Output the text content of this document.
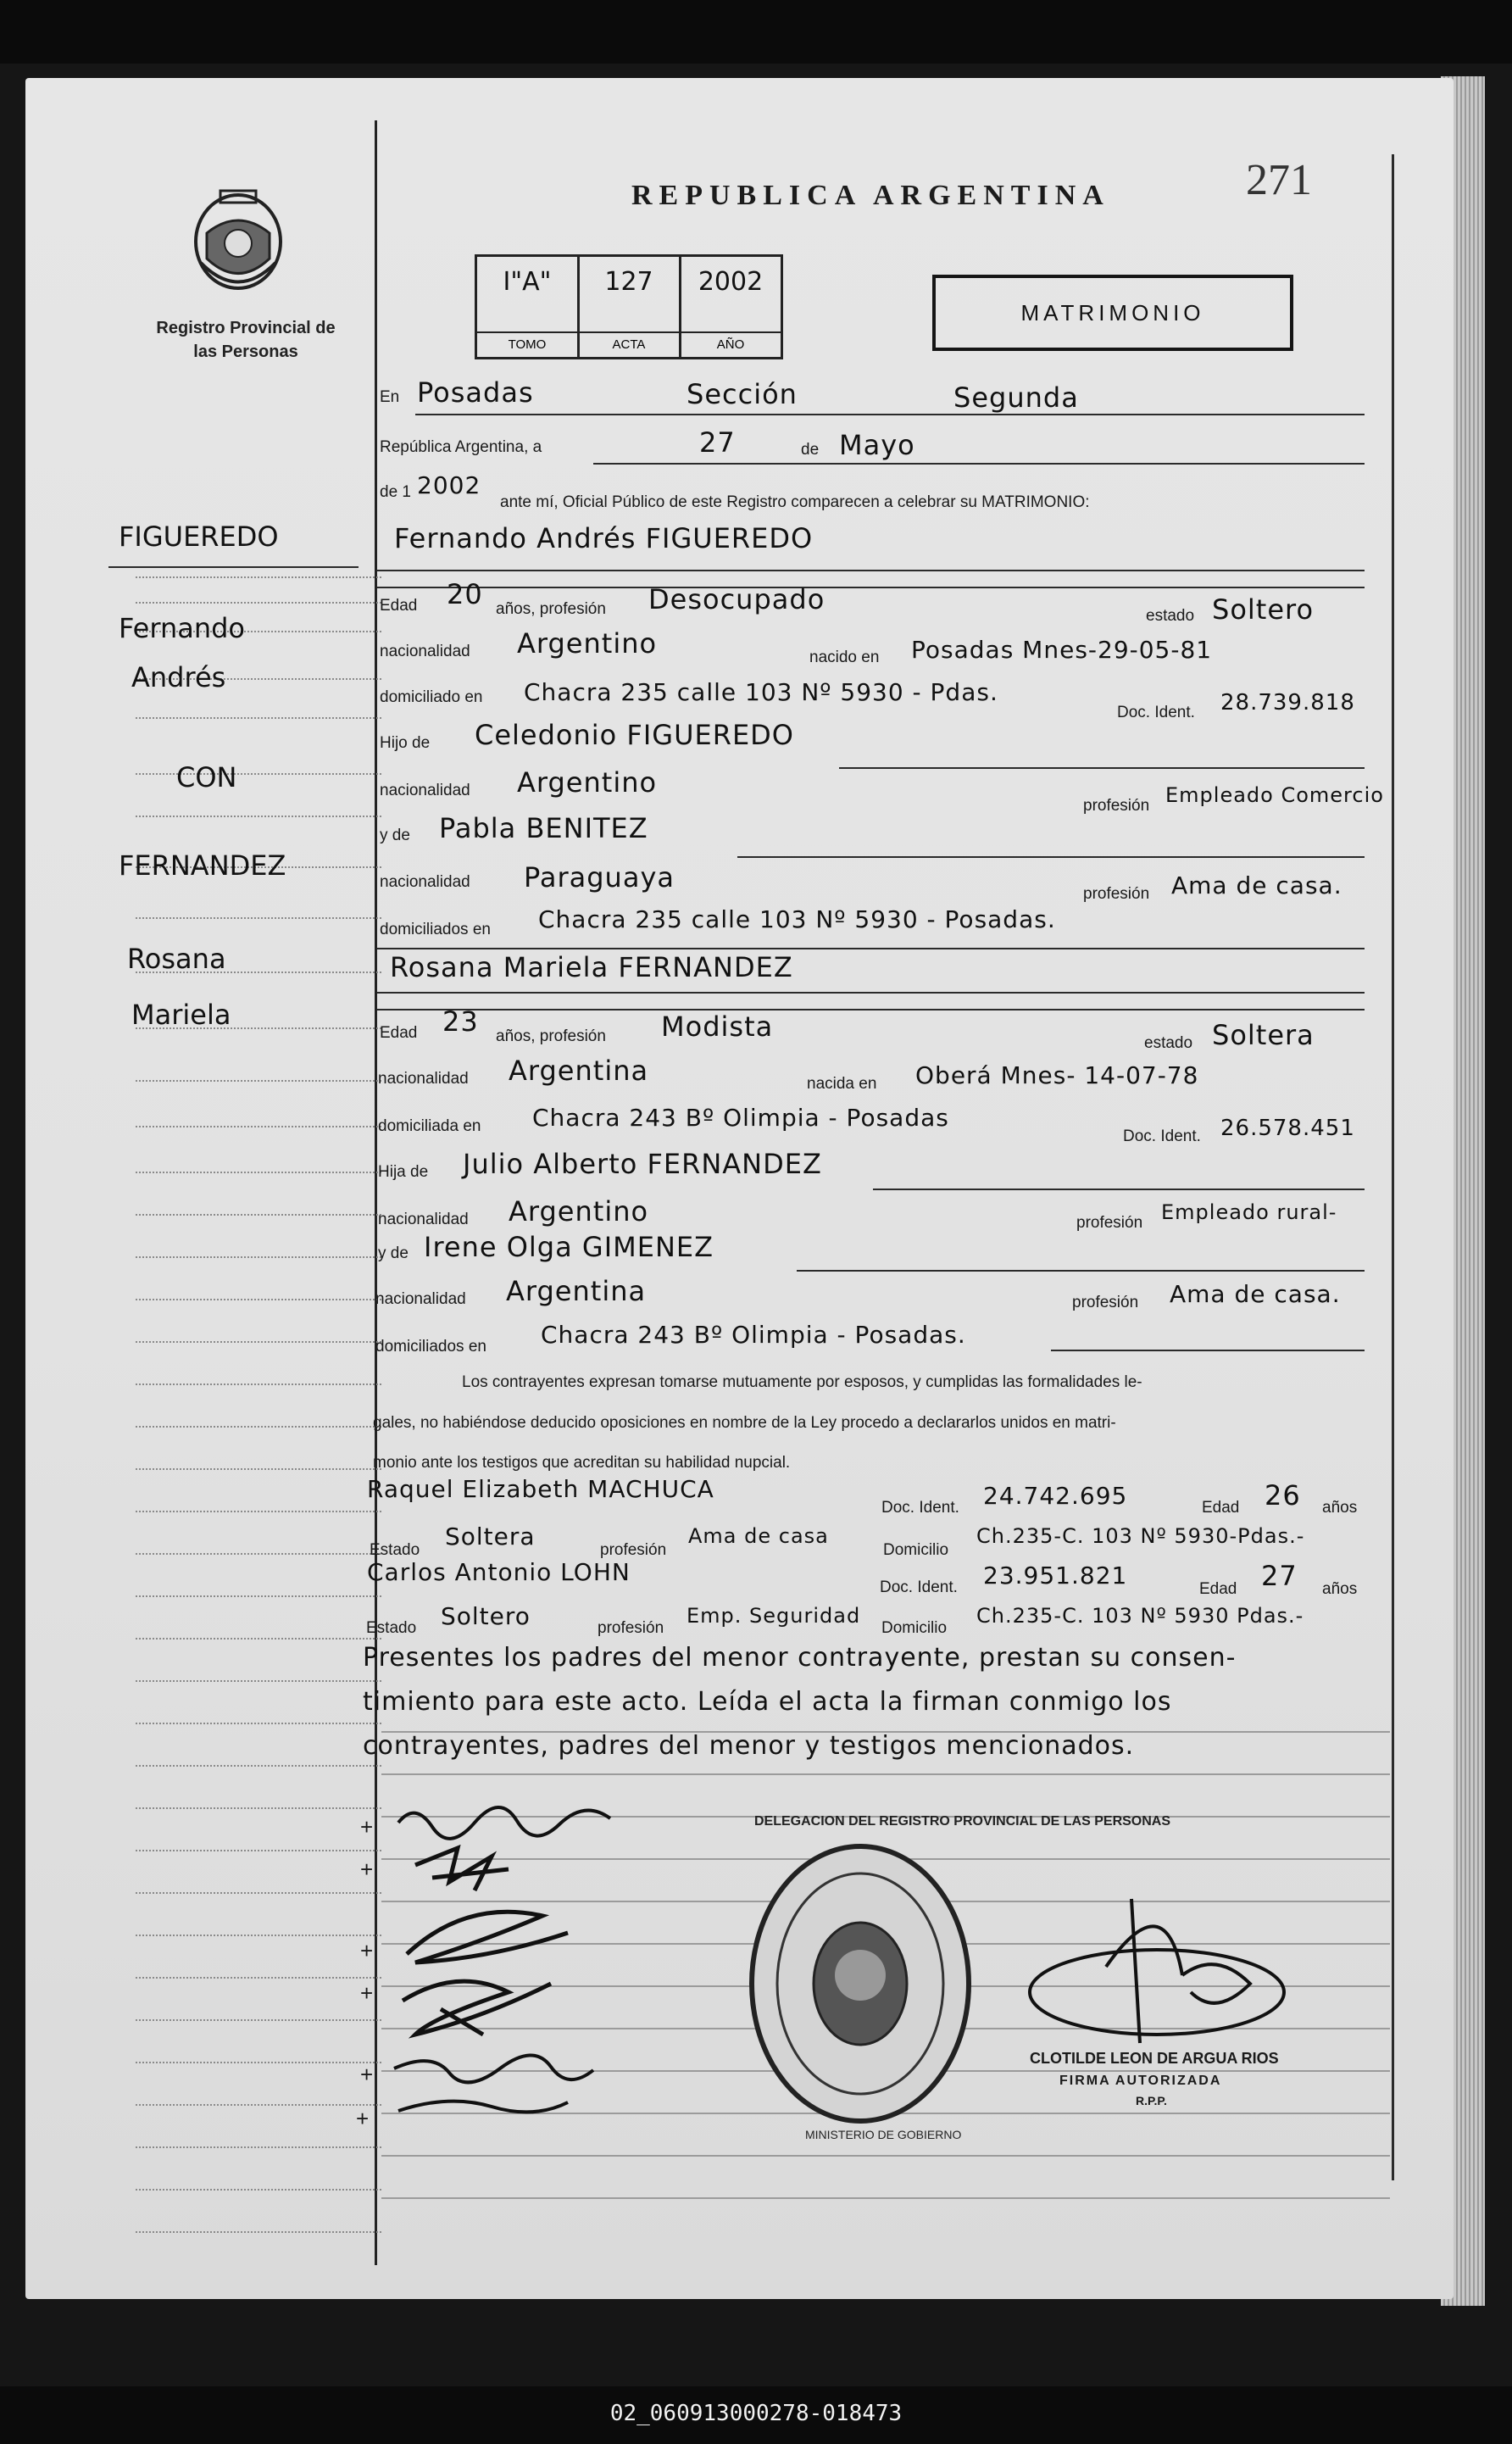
Registro Provincial de las Personas
REPUBLICA ARGENTINA	271
I"A"
TOMO
127
ACTA
2002
AÑO
MATRIMONIO
FIGUEREDO
Fernando
Andrés
CON
FERNANDEZ
Rosana
Mariela
En Posadas	Sección	Segunda
República Argentina, a	27	de Mayo
de 1 2002
ante mí, Oficial Público de este Registro comparecen a celebrar su MATRIMONIO:
Fernando Andrés FIGUEREDO
Edad 20 años, profesión Desocupado
estado Soltero
nacionalidad Argentino	nacido en Posadas Mnes-29-05-81
domiciliado en Chacra 235 calle 103 Nº 5930 - Pdas.
Doc. Ident. 28.739.818
Hijo de Celedonio FIGUEREDO
nacionalidad Argentino
profesión Empleado Comercio
y de Pabla BENITEZ
nacionalidad Paraguaya
profesión Ama de casa.
domiciliados en Chacra 235 calle 103 Nº 5930 - Posadas.
Rosana Mariela FERNANDEZ
Edad 23 años, profesión Modista
estado Soltera
nacionalidad Argentina	nacida en Oberá Mnes- 14-07-78
domiciliada en Chacra 243 Bº Olimpia - Posadas
Doc. Ident. 26.578.451
Hija de Julio Alberto FERNANDEZ
nacionalidad Argentino	profesión Empleado rural-
y de Irene Olga GIMENEZ
nacionalidad Argentina	profesión Ama de casa.
domiciliados en Chacra 243 Bº Olimpia - Posadas.
Los contrayentes expresan tomarse mutuamente por esposos, y cumplidas las formalidades le-
gales, no habiéndose deducido oposiciones en nombre de la Ley procedo a declararlos unidos en matri-
monio ante los testigos que acreditan su habilidad nupcial.
Raquel Elizabeth MACHUCA
Doc. Ident. 24.742.695	Edad 26 años
Estado Soltera	profesión
Ama de casa
Domicilio
Ch.235-C. 103 Nº 5930-Pdas.-
Carlos Antonio LOHN
Doc. Ident. 23.951.821	Edad 27 años
Estado Soltero	profesión
Emp. Seguridad
Domicilio
Ch.235-C. 103 Nº 5930 Pdas.-
Presentes los padres del menor contrayente, prestan su consen-
timiento para este acto. Leída el acta la firman conmigo los
contrayentes, padres del menor y testigos mencionados.
+
+
+
+
+
+
DELEGACION DEL REGISTRO PROVINCIAL DE LAS PERSONAS
MINISTERIO DE GOBIERNO
CLOTILDE LEON DE ARGUA RIOS
FIRMA AUTORIZADA
R.P.P.
02_060913000278-018473
